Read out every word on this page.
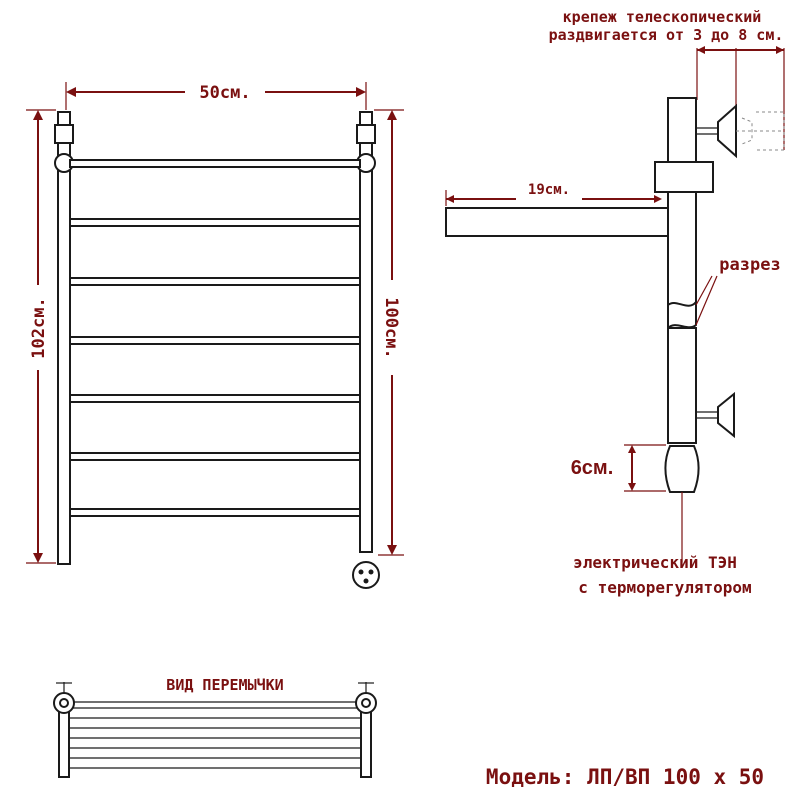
50см.
102см.	100см.
крепеж телескопический
раздвигается от 3 до 8 см.
19см.
разрез
6см.
электрический ТЭН
с терморегулятором
ВИД ПЕРЕМЫЧКИ
Модель: ЛП/ВП 100 x 50
